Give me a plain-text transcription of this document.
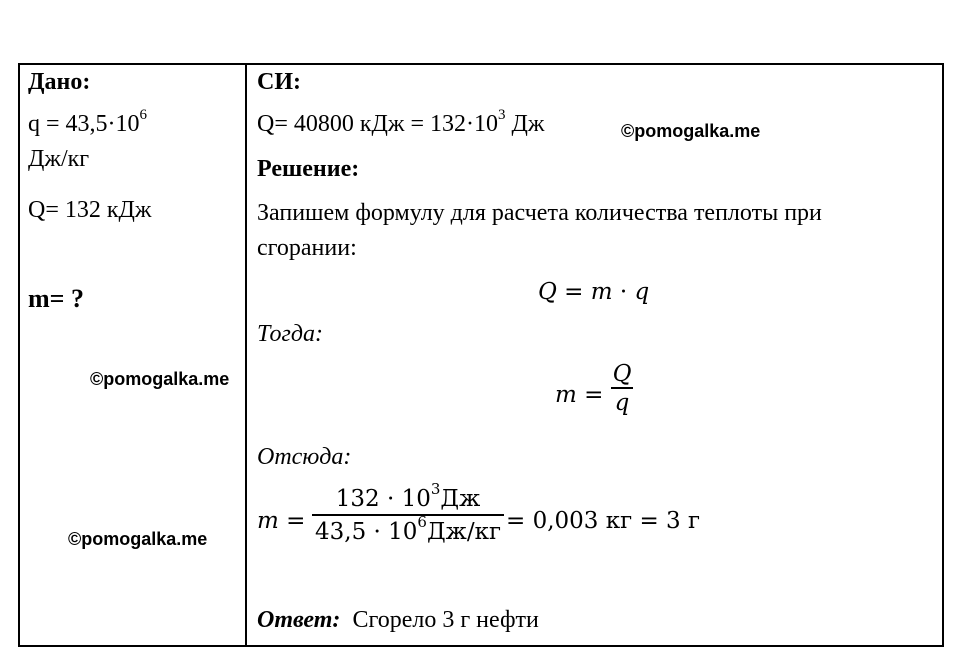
Дано:
$q = 43,5\cdot 10^6$
Дж/кг
Q= 132 кДж
m= ?
СИ:
Q= 40800 кДж = $132\cdot 10^3$ Дж
Решение:
Запишем формулу для расчета количества теплоты при
сгорании:
Q = m · q
Тогда:
m =
Q
q
Отсюда:
m =
$132 \cdot 10^3Дж$
$43,5 \cdot 10^6Дж/кг = 0,003$ кг = 3 г
Ответ: Сгорело 3 г нефти
©pomogalka.me
©pomogalka.me
©pomogalka.me
